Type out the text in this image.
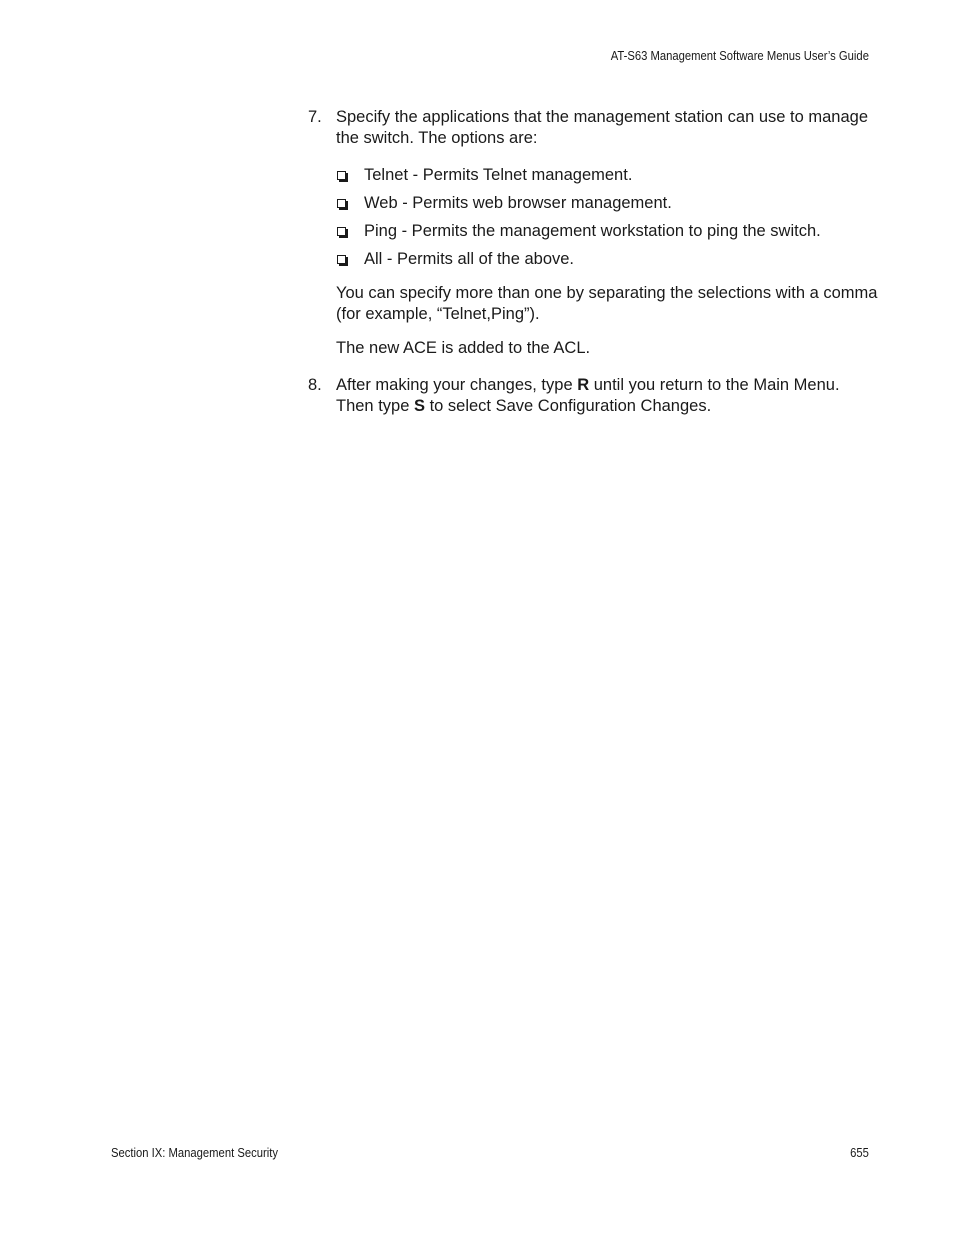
AT-S63 Management Software Menus User’s Guide
7. Specify the applications that the management station can use to manage the switch. The options are:
Telnet - Permits Telnet management.
Web - Permits web browser management.
Ping - Permits the management workstation to ping the switch.
All - Permits all of the above.
You can specify more than one by separating the selections with a comma (for example, “Telnet,Ping”).
The new ACE is added to the ACL.
8. After making your changes, type R until you return to the Main Menu. Then type S to select Save Configuration Changes.
Section IX: Management Security	655
